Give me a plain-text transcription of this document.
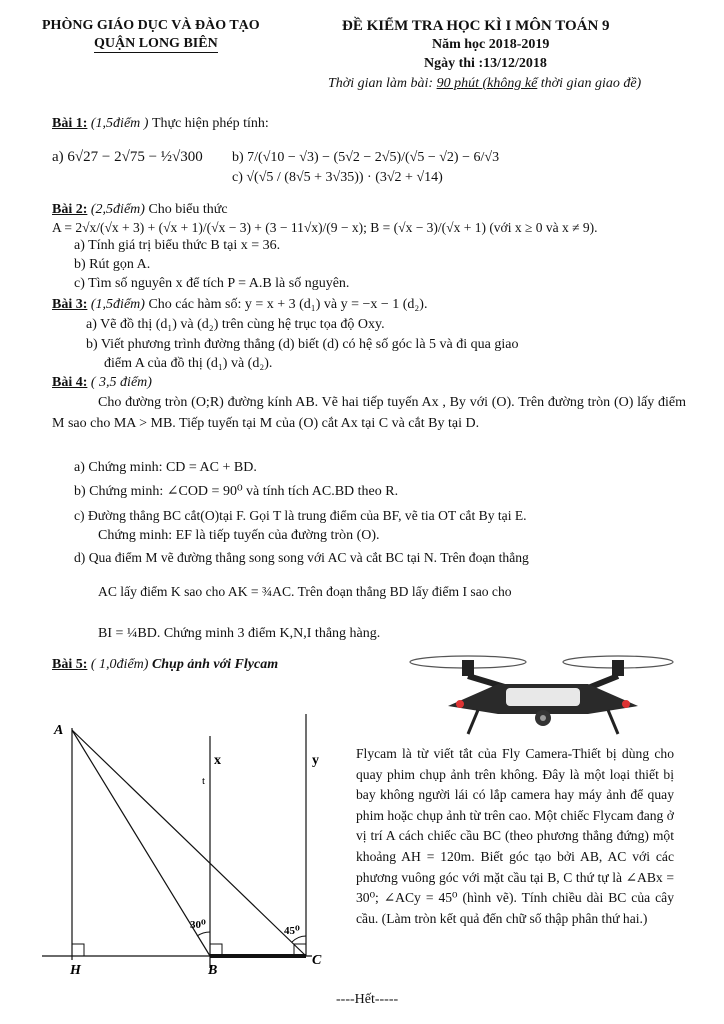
PHÒNG GIÁO DỤC VÀ ĐÀO TẠO
QUẬN LONG BIÊN
ĐỀ KIỂM TRA HỌC KÌ I MÔN TOÁN 9
Năm học 2018-2019
Ngày thi :13/12/2018
Thời gian làm bài: 90 phút (không kể thời gian giao đề)
Bài 1: (1,5điểm ) Thực hiện phép tính:
a) 6√27 − 2√75 − ½√300 b) 7/(√10 − √3) − (5√2 − 2√5)/(√5 − √2) − 6/√3
c) √(√5 / (8√5 + 3√35)) · (3√2 + √14)
Bài 2: (2,5điểm) Cho biểu thức
A = 2√x/(√x + 3) + (√x + 1)/(√x − 3) + (3 − 11√x)/(9 − x); B = (√x − 3)/(√x + 1) (với x ≥ 0 và x ≠ 9).
a) Tính giá trị biểu thức B tại x = 36.
b) Rút gọn A.
c) Tìm số nguyên x để tích P = A.B là số nguyên.
Bài 3: (1,5điểm) Cho các hàm số: y = x + 3 (d₁) và y = −x − 1 (d₂).
a) Vẽ đồ thị (d₁) và (d₂) trên cùng hệ trục tọa độ Oxy.
b) Viết phương trình đường thẳng (d) biết (d) có hệ số góc là 5 và đi qua giao
điểm A của đồ thị (d₁) và (d₂).
Bài 4: ( 3,5 điểm)
Cho đường tròn (O;R) đường kính AB. Vẽ hai tiếp tuyến Ax , By với (O). Trên đường tròn (O) lấy điểm M sao cho MA > MB. Tiếp tuyến tại M của (O) cắt Ax tại C và cắt By tại D.
a) Chứng minh: CD = AC + BD.
b) Chứng minh: ∠COD = 90⁰ và tính tích AC.BD theo R.
c) Đường thẳng BC cắt(O)tại F. Gọi T là trung điểm của BF, vẽ tia OT cắt By tại E.
Chứng minh: EF là tiếp tuyến của đường tròn (O).
d) Qua điểm M vẽ đường thẳng song song với AC và cắt BC tại N. Trên đoạn thẳng
AC lấy điểm K sao cho AK = ¾AC. Trên đoạn thẳng BD lấy điểm I sao cho
BI = ¼BD. Chứng minh 3 điểm K,N,I thẳng hàng.
Bài 5: ( 1,0điểm) Chụp ảnh với Flycam
A
H	B
C
x	y
t
30⁰	45⁰
Flycam là từ viết tắt của Fly Camera-Thiết bị dùng cho quay phim chụp ảnh trên không. Đây là một loại thiết bị bay không người lái có lắp camera hay máy ảnh để quay phim hoặc chụp ảnh từ trên cao. Một chiếc Flycam đang ở vị trí A cách chiếc cầu BC (theo phương thẳng đứng) một khoảng AH = 120m. Biết góc tạo bởi AB, AC với các phương vuông góc với mặt cầu tại B, C thứ tự là ∠ABx = 30⁰; ∠ACy = 45⁰ (hình vẽ). Tính chiều dài BC của cây cầu. (Làm tròn kết quả đến chữ số thập phân thứ hai.)
----Hết-----
